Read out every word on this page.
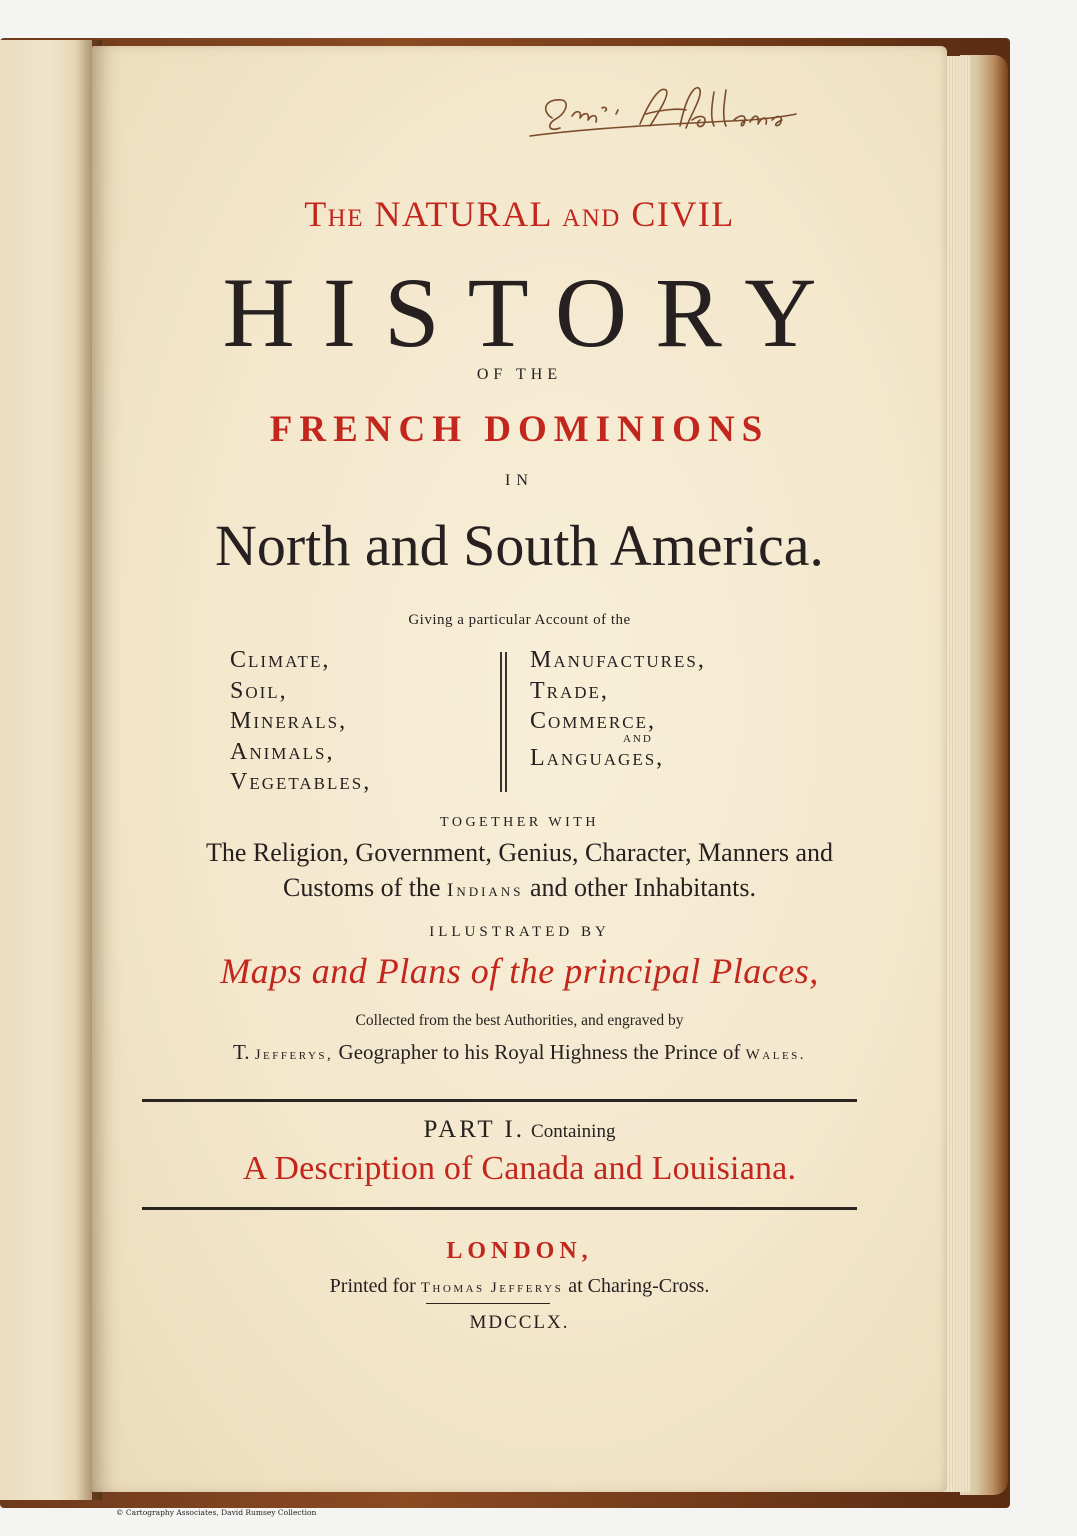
The NATURAL and CIVIL
HISTORY
OF THE
FRENCH DOMINIONS
IN
North and South America.
Giving a particular Account of the
Climate,
Soil,
Minerals,
Animals,
Vegetables,
Manufactures,
Trade,
Commerce,
AND
Languages,
TOGETHER WITH
The Religion, Government, Genius, Character, Manners and
Customs of the Indians and other Inhabitants.
ILLUSTRATED BY
Maps and Plans of the principal Places,
Collected from the best Authorities, and engraved by
T. Jefferys, Geographer to his Royal Highness the Prince of Wales.
PART I. Containing
A Description of Canada and Louisiana.
LONDON,
Printed for Thomas Jefferys at Charing-Cross.
MDCCLX.
© Cartography Associates, David Rumsey Collection
